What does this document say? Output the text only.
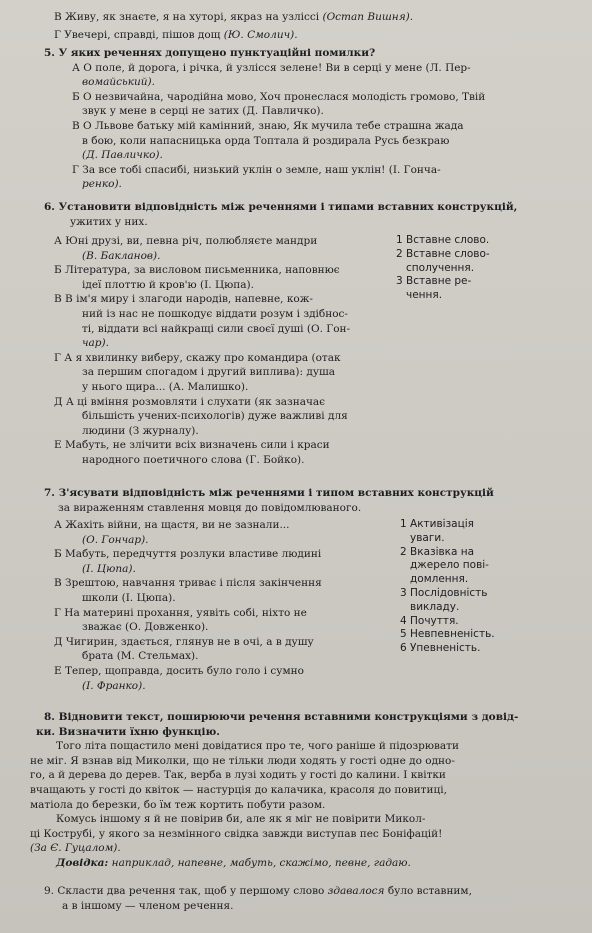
В Живу, як знаєте, я на хуторі, якраз на узліссі (Остап Вишня).
Г Увечері, справді, пішов дощ (Ю. Смолич).
5. У яких реченнях допущено пунктуаційні помилки?
А О поле, й дорога, і річка, й узлісся зелене! Ви в серці у мене (Л. Пер-
вомайський).
Б О незвичайна, чародійна мово, Хоч пронеслася молодість громово, Твій
звук у мене в серці не затих (Д. Павличко).
В О Львове батьку мій камінний, знаю, Як мучила тебе страшна жада
в бою, коли напасницька орда Топтала й роздирала Русь безкраю
(Д. Павличко).
Г За все тобі спасибі, низький уклін о земле, наш уклін! (І. Гонча-
ренко).
6. Установити відповідність між реченнями і типами вставних конструкцій,
ужитих у них.
А Юні друзі, ви, певна річ, полюбляєте мандри
(В. Бакланов).
Б Література, за висловом письменника, наповнює
ідеї плоттю й кров'ю (І. Цюпа).
В В ім'я миру і злагоди народів, напевне, кож-
ний із нас не пошкодує віддати розум і здібнос-
ті, віддати всі найкращі сили своєї душі (О. Гон-
чар).
Г А я хвилинку виберу, скажу про командира (отак
за першим спогадом і другий виплива): душа
у нього щира... (А. Малишко).
Д А ці вміння розмовляти і слухати (як зазначає
більшість учених-психологів) дуже важливі для
людини (З журналу).
Е Мабуть, не злічити всіх визначень сили і краси
народного поетичного слова (Г. Бойко).
1 Вставне слово.
2 Вставне слово-
сполучення.
3 Вставне ре-
чення.
7. З'ясувати відповідність між реченнями і типом вставних конструкцій
за вираженням ставлення мовця до повідомлюваного.
А Жахіть війни, на щастя, ви не зазнали...
(О. Гончар).
Б Мабуть, передчуття розлуки властиве людині
(І. Цюпа).
В Зрештою, навчання триває і після закінчення
школи (І. Цюпа).
Г На материні прохання, уявіть собі, ніхто не
зважає (О. Довженко).
Д Чигирин, здається, глянув не в очі, а в душу
брата (М. Стельмах).
Е Тепер, щоправда, досить було голо і сумно
(І. Франко).
1 Активізація
уваги.
2 Вказівка на
джерело пові-
домлення.
3 Послідовність
викладу.
4 Почуття.
5 Невпевненість.
6 Упевненість.
8. Відновити текст, поширюючи речення вставними конструкціями з довід-
ки. Визначити їхню функцію.
Того літа пощастило мені довідатися про те, чого раніше й підозрювати
не міг. Я взнав від Миколки, що не тільки люди ходять у гості одне до одно-
го, а й дерева до дерев. Так, верба в лузі ходить у гості до калини. І квітки
вчащають у гості до квіток — настурція до калачика, красоля до повитиці,
матіола до березки, бо їм теж кортить побути разом.
Комусь іншому я й не повірив би, але як я міг не повірити Микол-
ці Кострубі, у якого за незмінного свідка завжди виступав пес Боніфацій!
(За Є. Гуцалом).
Довідка: наприклад, напевне, мабуть, скажімо, певне, гадаю.
9. Скласти два речення так, щоб у першому слово здавалося було вставним,
а в іншому — членом речення.
